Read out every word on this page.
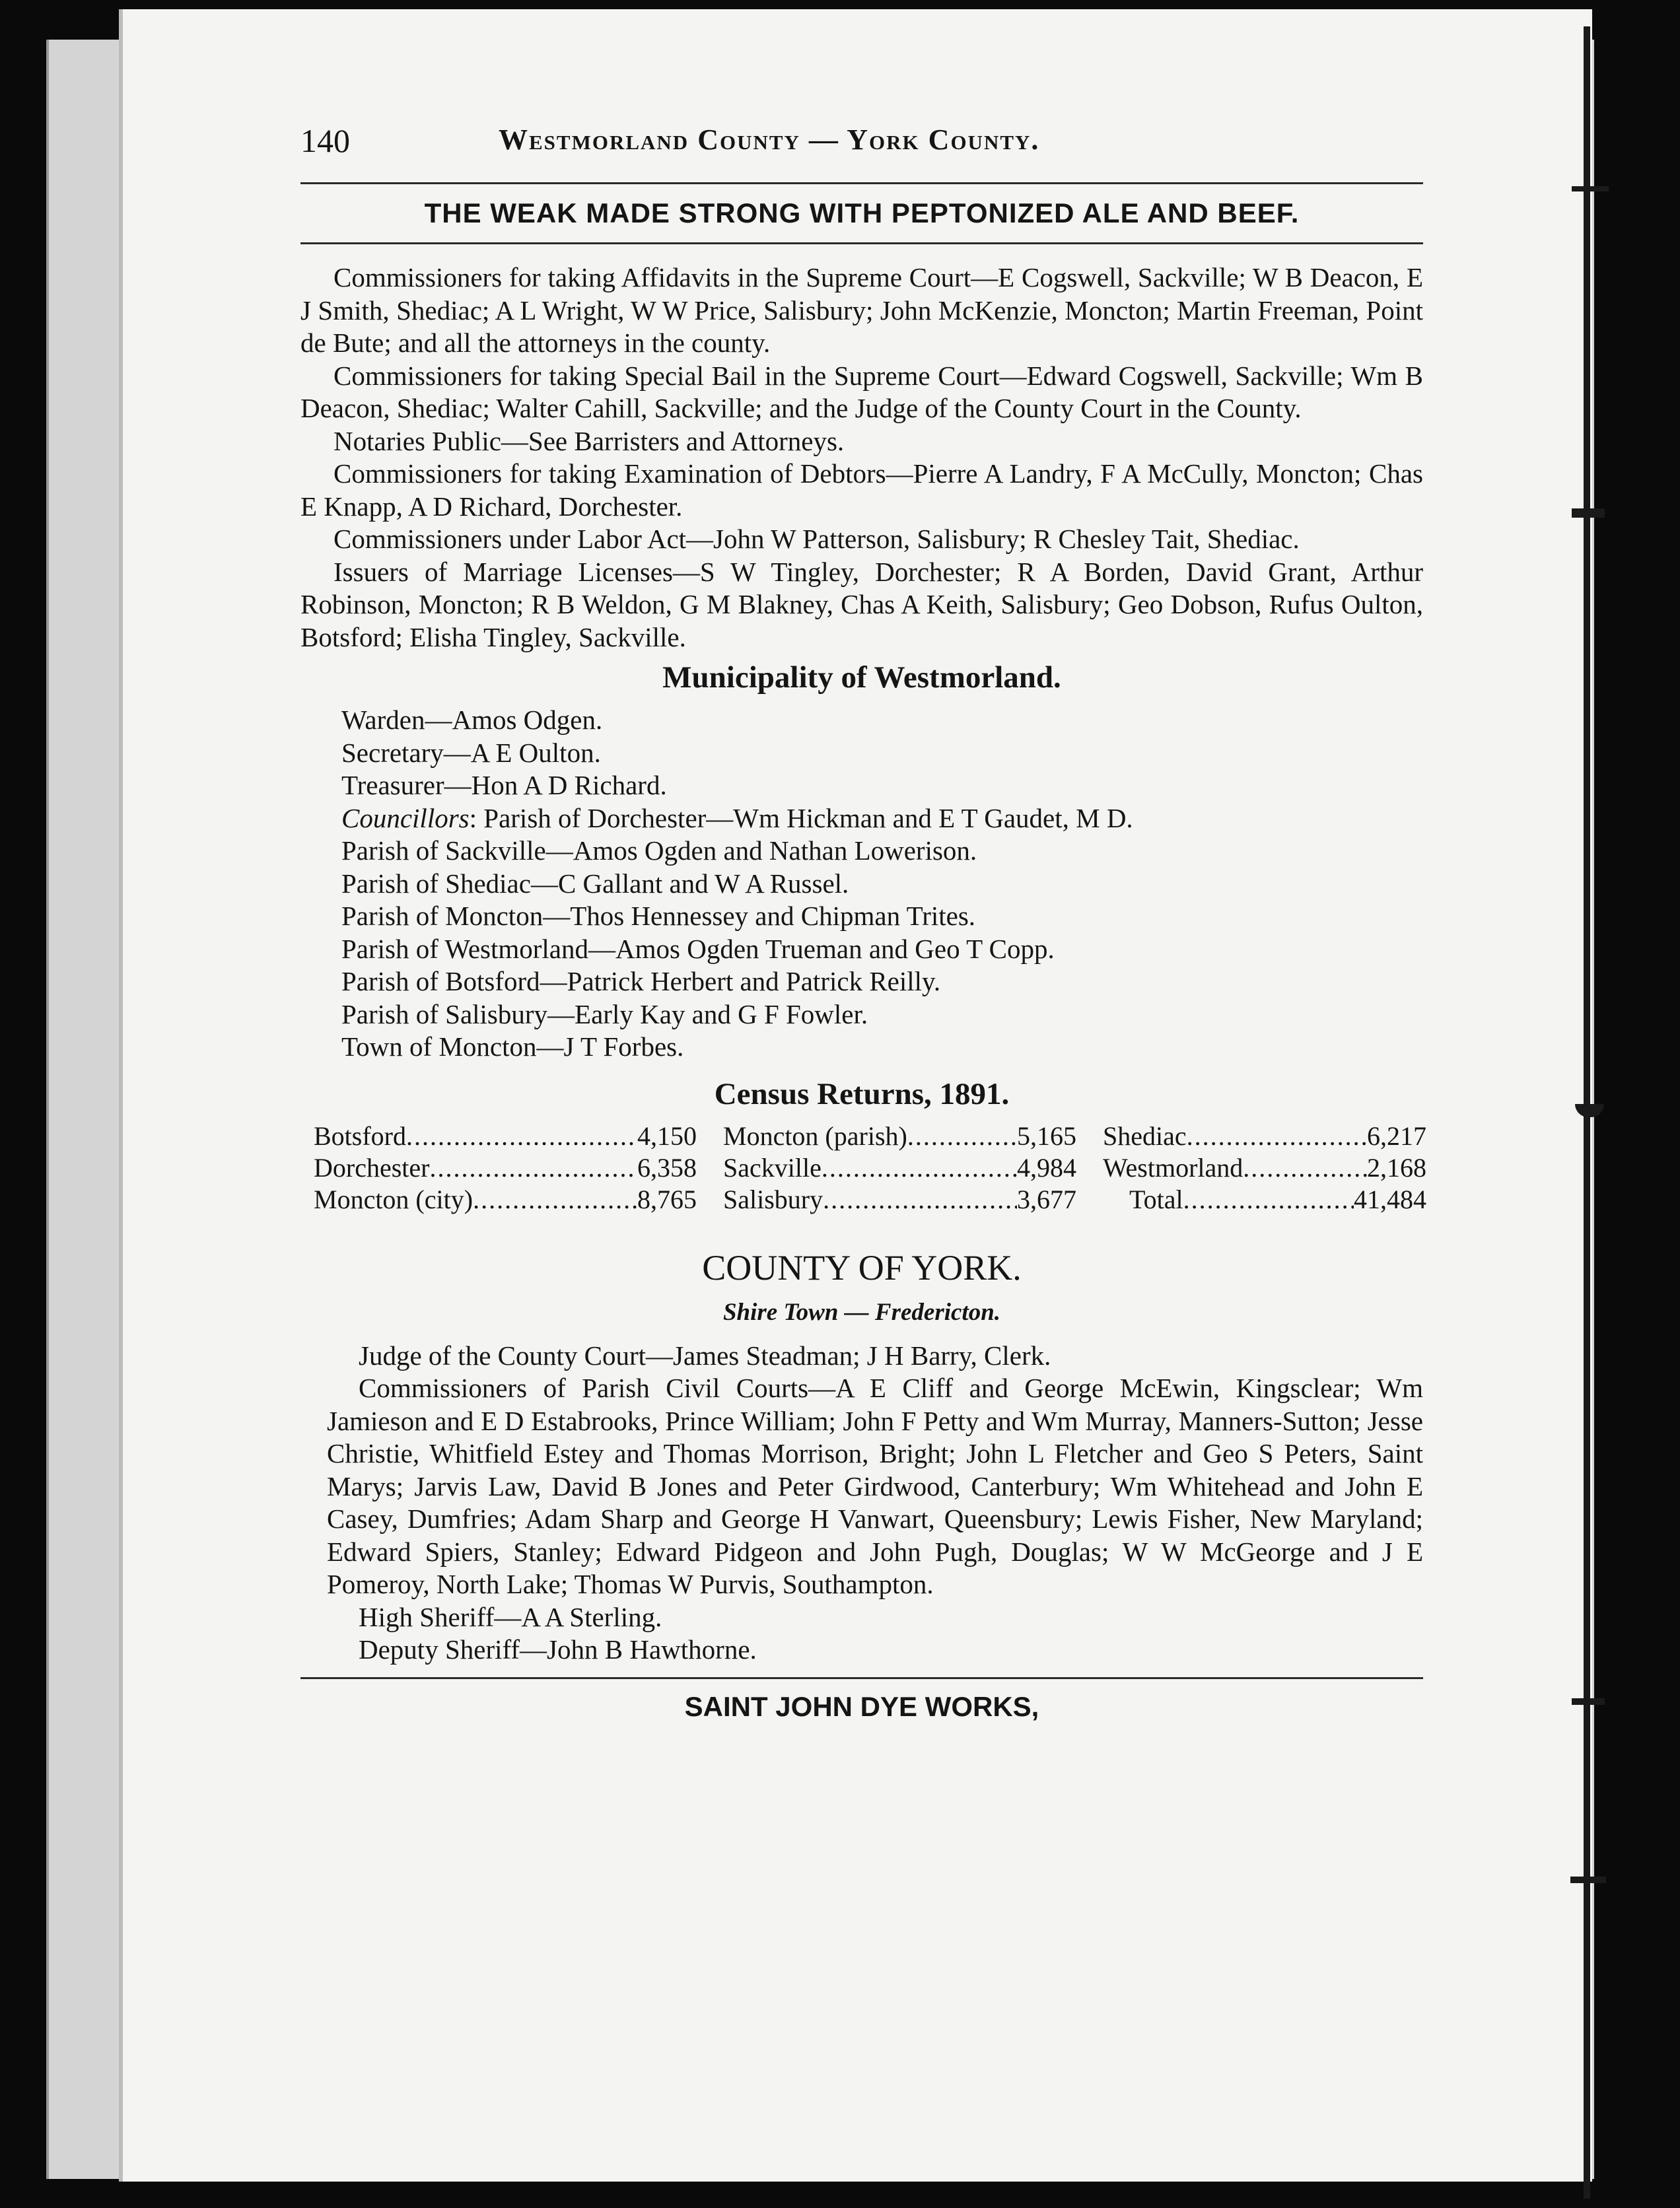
140	Westmorland County — York County.
THE WEAK MADE STRONG WITH PEPTONIZED ALE AND BEEF.

Commissioners for taking Affidavits in the Supreme Court—E Cogswell, Sackville; W B Deacon, E J Smith, Shediac; A L Wright, W W Price, Salisbury; John McKenzie, Moncton; Martin Freeman, Point de Bute; and all the attorneys in the county.

Commissioners for taking Special Bail in the Supreme Court—Edward Cogswell, Sackville; Wm B Deacon, Shediac; Walter Cahill, Sackville; and the Judge of the County Court in the County.

Notaries Public—See Barristers and Attorneys.

Commissioners for taking Examination of Debtors—Pierre A Landry, F A McCully, Moncton; Chas E Knapp, A D Richard, Dorchester.

Commissioners under Labor Act—John W Patterson, Salisbury; R Chesley Tait, Shediac.

Issuers of Marriage Licenses—S W Tingley, Dorchester; R A Borden, David Grant, Arthur Robinson, Moncton; R B Weldon, G M Blakney, Chas A Keith, Salisbury; Geo Dobson, Rufus Oulton, Botsford; Elisha Tingley, Sackville.

Municipality of Westmorland.
Warden—Amos Odgen.
Secretary—A E Oulton.
Treasurer—Hon A D Richard.
Councillors: Parish of Dorchester—Wm Hickman and E T Gaudet, M D.
Parish of Sackville—Amos Ogden and Nathan Lowerison.
Parish of Shediac—C Gallant and W A Russel.
Parish of Moncton—Thos Hennessey and Chipman Trites.
Parish of Westmorland—Amos Ogden Trueman and Geo T Copp.
Parish of Botsford—Patrick Herbert and Patrick Reilly.
Parish of Salisbury—Early Kay and G F Fowler.
Town of Moncton—J T Forbes.
Census Returns, 1891.
Botsford .....	4,150 Moncton (parish) .....	5,165 Shediac .....	6,217
Dorchester .....	6,358 Sackville .....	4,984 Westmorland .....	2,168
Moncton (city) .....	8,765 Salisbury .....	3,677 Total .....	41,484
COUNTY OF YORK.
Shire Town — Fredericton.

Judge of the County Court—James Steadman; J H Barry, Clerk.

Commissioners of Parish Civil Courts—A E Cliff and George McEwin, Kingsclear; Wm Jamieson and E D Estabrooks, Prince William; John F Petty and Wm Murray, Manners-Sutton; Jesse Christie, Whitfield Estey and Thomas Morrison, Bright; John L Fletcher and Geo S Peters, Saint Marys; Jarvis Law, David B Jones and Peter Girdwood, Canterbury; Wm Whitehead and John E Casey, Dumfries; Adam Sharp and George H Vanwart, Queensbury; Lewis Fisher, New Maryland; Edward Spiers, Stanley; Edward Pidgeon and John Pugh, Douglas; W W McGeorge and J E Pomeroy, North Lake; Thomas W Purvis, Southampton.

High Sheriff—A A Sterling.

Deputy Sheriff—John B Hawthorne.

SAINT JOHN DYE WORKS,
